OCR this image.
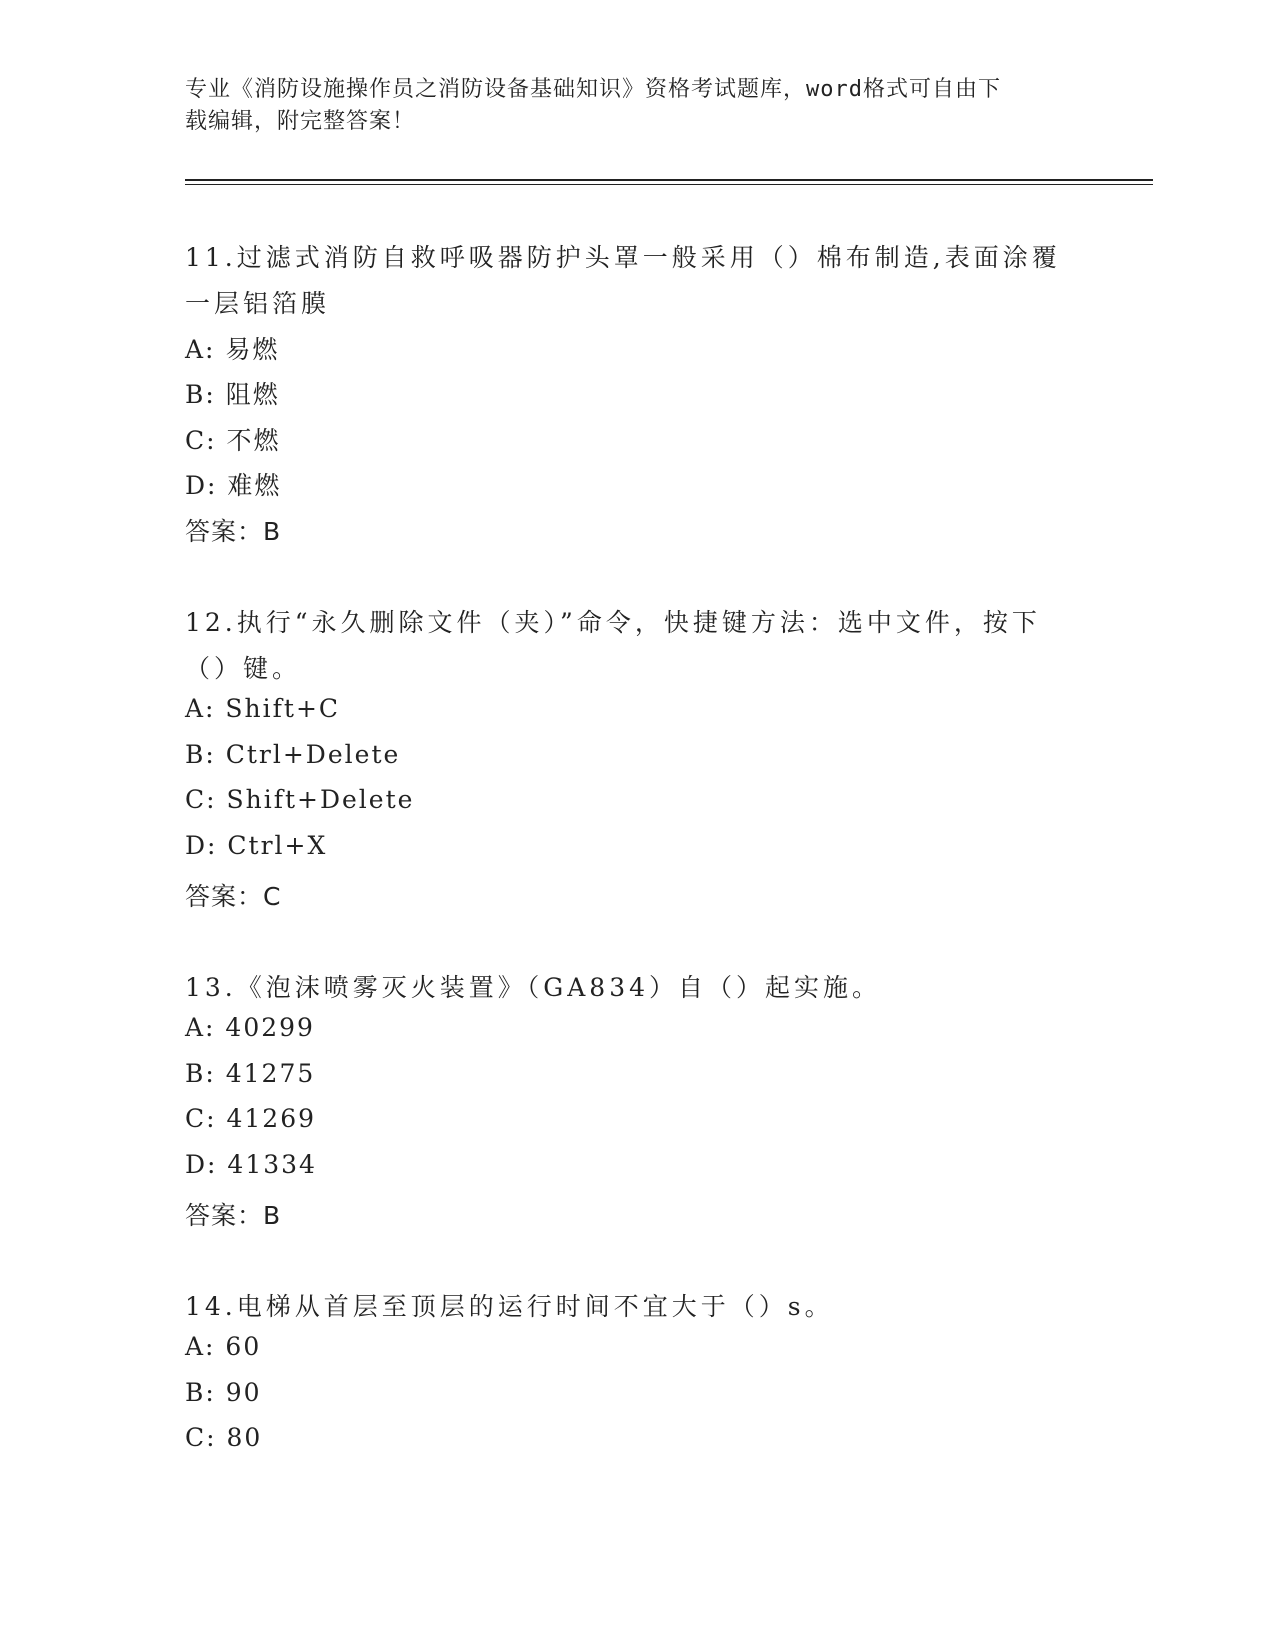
专业《消防设施操作员之消防设备基础知识》资格考试题库，word格式可自由下
载编辑，附完整答案！
11.过滤式消防自救呼吸器防护头罩一般采用（）棉布制造,表面涂覆
一层铝箔膜
A: 易燃
B: 阻燃
C: 不燃
D: 难燃
答案：B
12.执行“永久删除文件（夹）”命令，快捷键方法：选中文件，按下
（）键。
A: Shift+C
B: Ctrl+Delete
C: Shift+Delete
D: Ctrl+X
答案：C
13.《泡沫喷雾灭火装置》（GA834）自（）起实施。
A: 40299
B: 41275
C: 41269
D: 41334
答案：B
14.电梯从首层至顶层的运行时间不宜大于（）s。
A: 60
B: 90
C: 80
